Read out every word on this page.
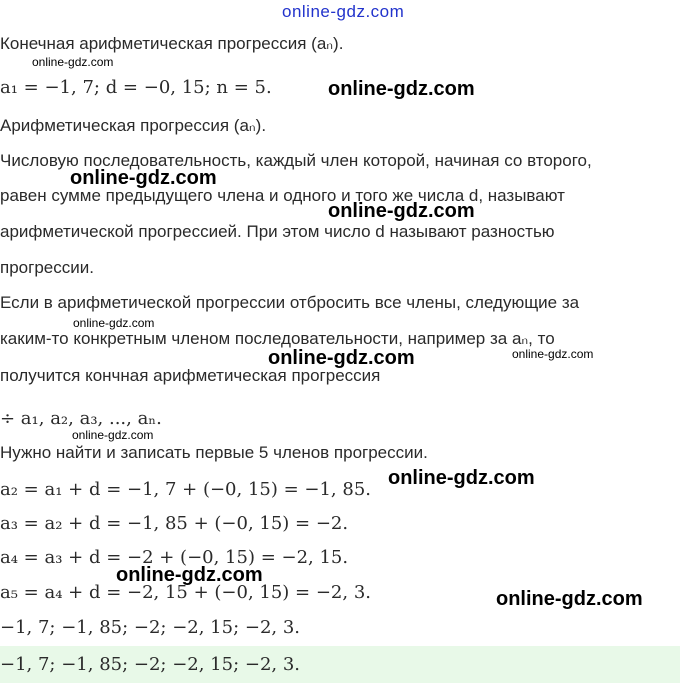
online-gdz.com
Конечная арифметическая прогрессия (aₙ).
a₁ = −1, 7; d = −0, 15; n = 5.
Арифметическая прогрессия (aₙ).
Числовую последовательность, каждый член которой, начиная со второго,
равен сумме предыдущего члена и одного и того же числа d, называют
арифметической прогрессией. При этом число d называют разностью
прогрессии.
Если в арифметической прогрессии отбросить все члены, следующие за
каким-то конкретным членом последовательности, например за aₙ, то
получится кончная арифметическая прогрессия
÷ a₁, a₂, a₃, ..., aₙ.
Нужно найти и записать первые 5 членов прогрессии.
a₂ = a₁ + d = −1, 7 + (−0, 15) = −1, 85.
a₃ = a₂ + d = −1, 85 + (−0, 15) = −2.
a₄ = a₃ + d = −2 + (−0, 15) = −2, 15.
a₅ = a₄ + d = −2, 15 + (−0, 15) = −2, 3.
−1, 7; −1, 85; −2; −2, 15; −2, 3.
−1, 7; −1, 85; −2; −2, 15; −2, 3.
online-gdz.com
online-gdz.com
online-gdz.com
online-gdz.com
online-gdz.com
online-gdz.com	online-gdz.com
online-gdz.com
online-gdz.com
online-gdz.com
online-gdz.com
